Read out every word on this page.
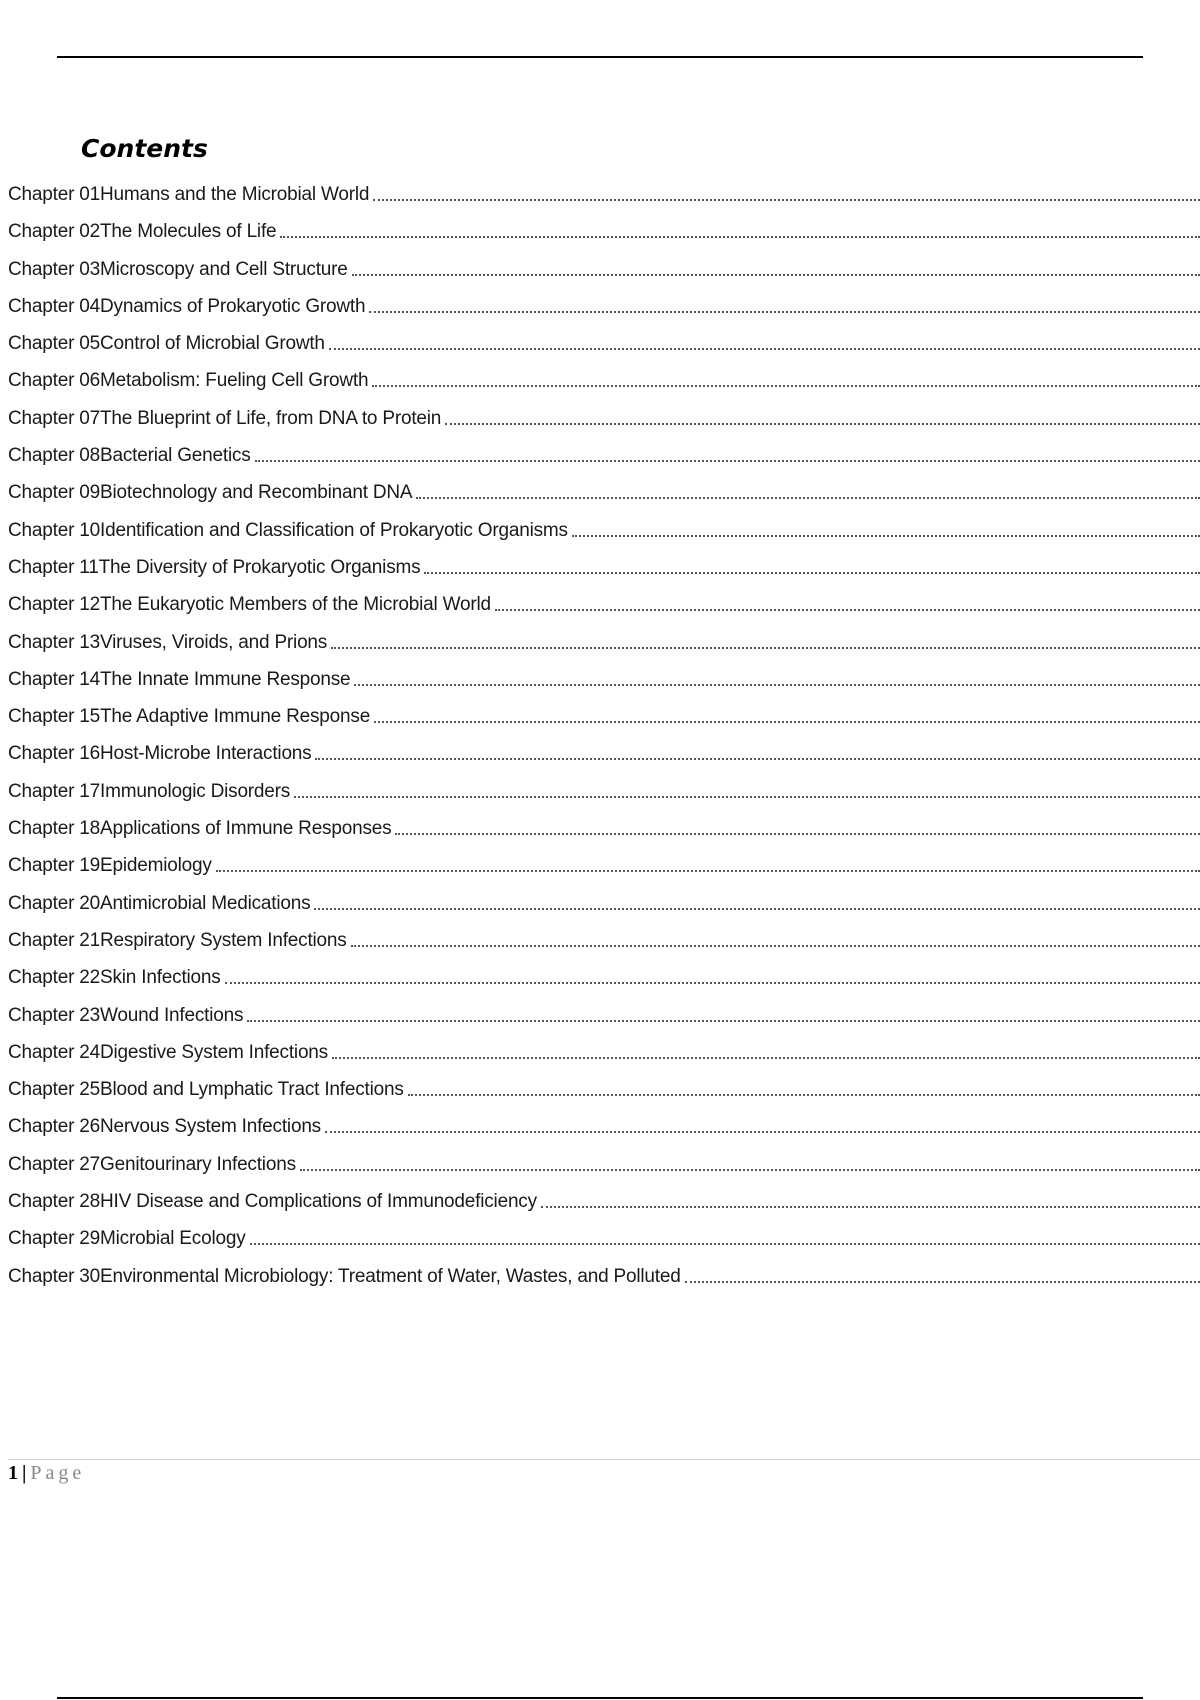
Contents
Chapter 01Humans and the Microbial World
Chapter 02The Molecules of Life
Chapter 03Microscopy and Cell Structure
Chapter 04Dynamics of Prokaryotic Growth
Chapter 05Control of Microbial Growth
Chapter 06Metabolism: Fueling Cell Growth
Chapter 07The Blueprint of Life, from DNA to Protein
Chapter 08Bacterial Genetics
Chapter 09Biotechnology and Recombinant DNA
Chapter 10Identification and Classification of Prokaryotic Organisms
Chapter 11The Diversity of Prokaryotic Organisms
Chapter 12The Eukaryotic Members of the Microbial World
Chapter 13Viruses, Viroids, and Prions
Chapter 14The Innate Immune Response
Chapter 15The Adaptive Immune Response
Chapter 16Host-Microbe Interactions
Chapter 17Immunologic Disorders
Chapter 18Applications of Immune Responses
Chapter 19Epidemiology
Chapter 20Antimicrobial Medications
Chapter 21Respiratory System Infections
Chapter 22Skin Infections
Chapter 23Wound Infections
Chapter 24Digestive System Infections
Chapter 25Blood and Lymphatic Tract Infections
Chapter 26Nervous System Infections
Chapter 27Genitourinary Infections
Chapter 28HIV Disease and Complications of Immunodeficiency
Chapter 29Microbial Ecology
Chapter 30Environmental Microbiology: Treatment of Water, Wastes, and Polluted
1 | Page
